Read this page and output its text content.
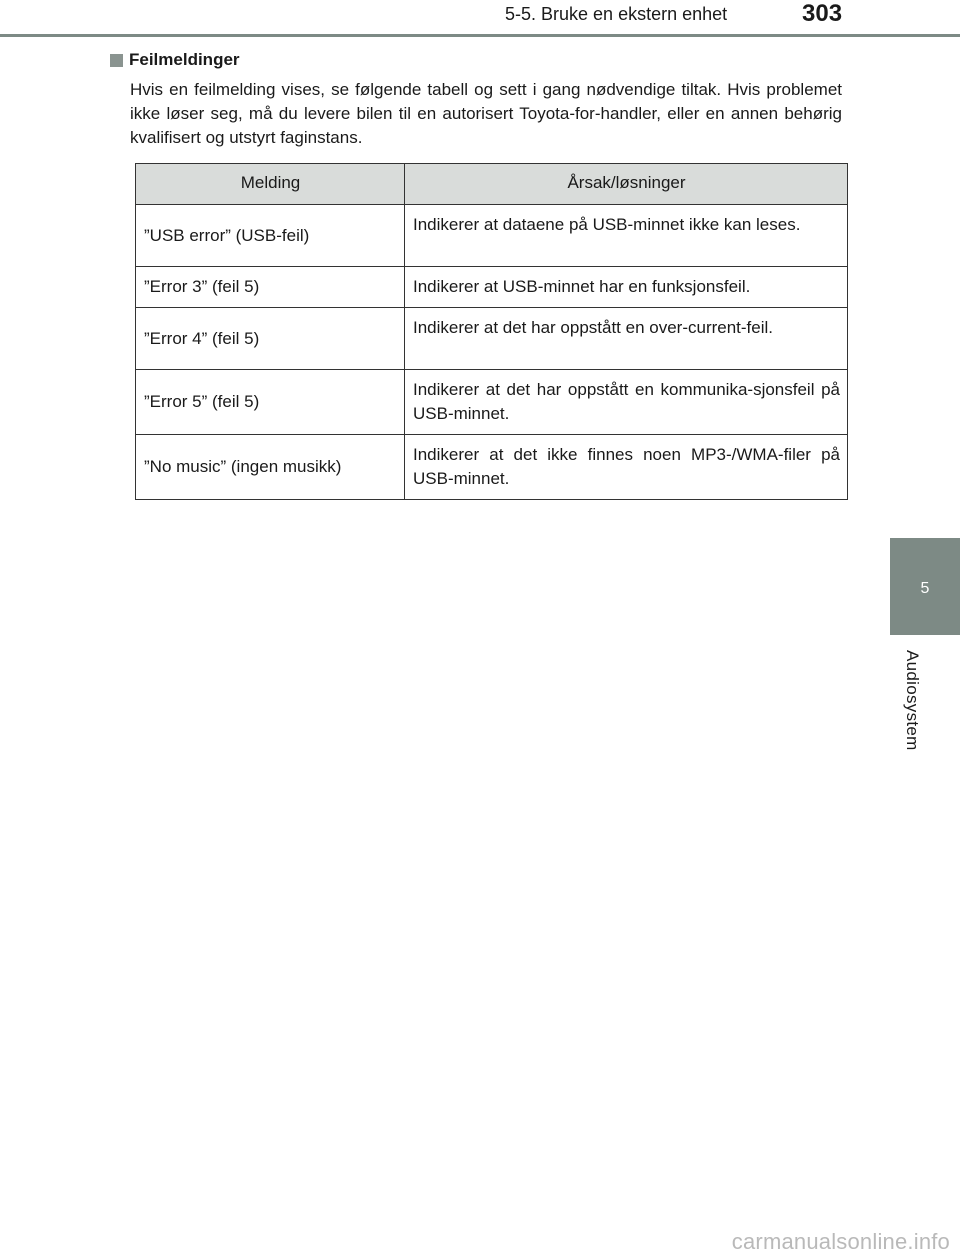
5-5. Bruke en ekstern enhet	303
5
Audiosystem
Feilmeldinger

Hvis en feilmelding vises, se følgende tabell og sett i gang nødvendige tiltak. Hvis problemet ikke løser seg, må du levere bilen til en autorisert Toyota-for-handler, eller en annen behørig kvalifisert og utstyrt faginstans.

Melding	Årsak/løsninger
”USB error” (USB-feil)	Indikerer at dataene på USB-minnet ikke kan leses.
”Error 3” (feil 5)	Indikerer at USB-minnet har en funksjonsfeil.
”Error 4” (feil 5)	Indikerer at det har oppstått en over-current-feil.
”Error 5” (feil 5)	Indikerer at det har oppstått en kommunika-sjonsfeil på USB-minnet.
”No music” (ingen musikk)	Indikerer at det ikke finnes noen MP3-/WMA-filer på USB-minnet.
carmanualsonline.info
